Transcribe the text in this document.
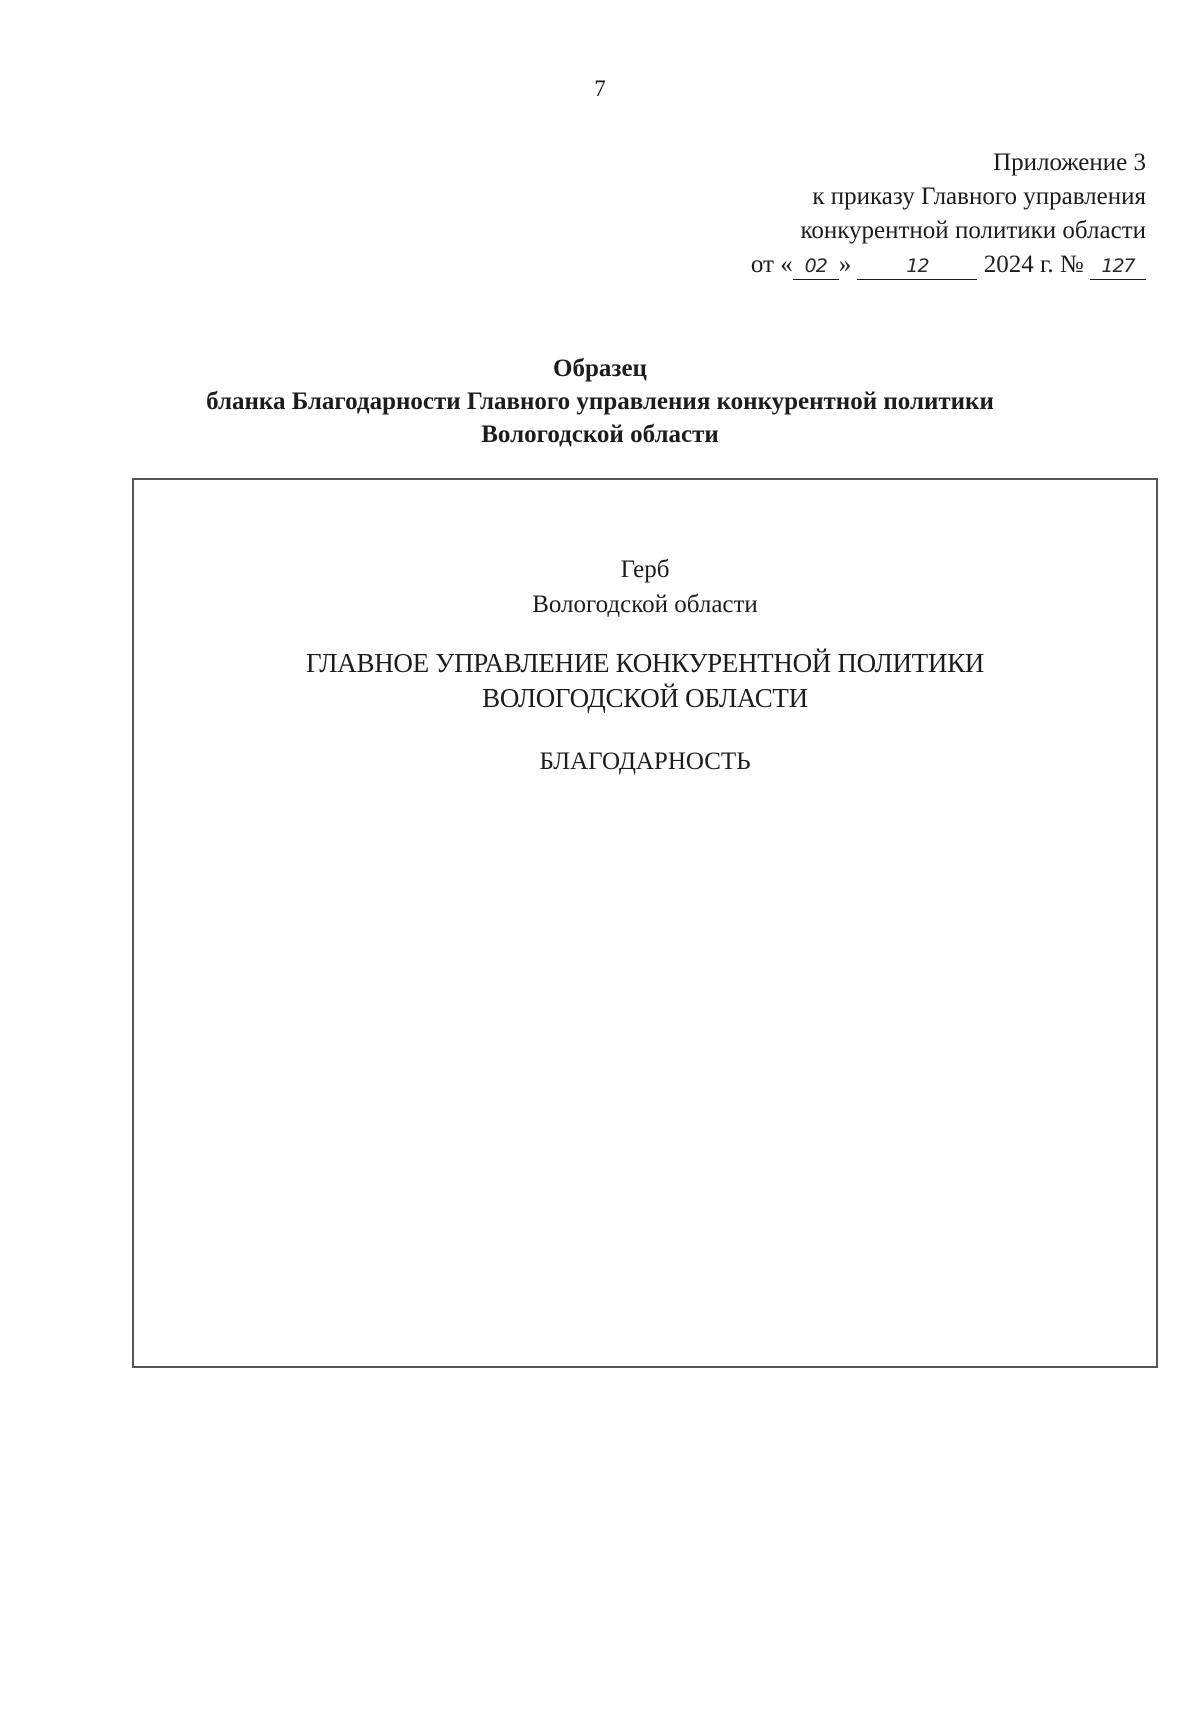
7

Приложение 3
к приказу Главного управления
конкурентной политики области
от « 02 »	12 2024 г. № 127
Образец
бланка Благодарности Главного управления конкурентной политики
Вологодской области
Герб
Вологодской области
ГЛАВНОЕ УПРАВЛЕНИЕ КОНКУРЕНТНОЙ ПОЛИТИКИ
ВОЛОГОДСКОЙ ОБЛАСТИ
БЛАГОДАРНОСТЬ
